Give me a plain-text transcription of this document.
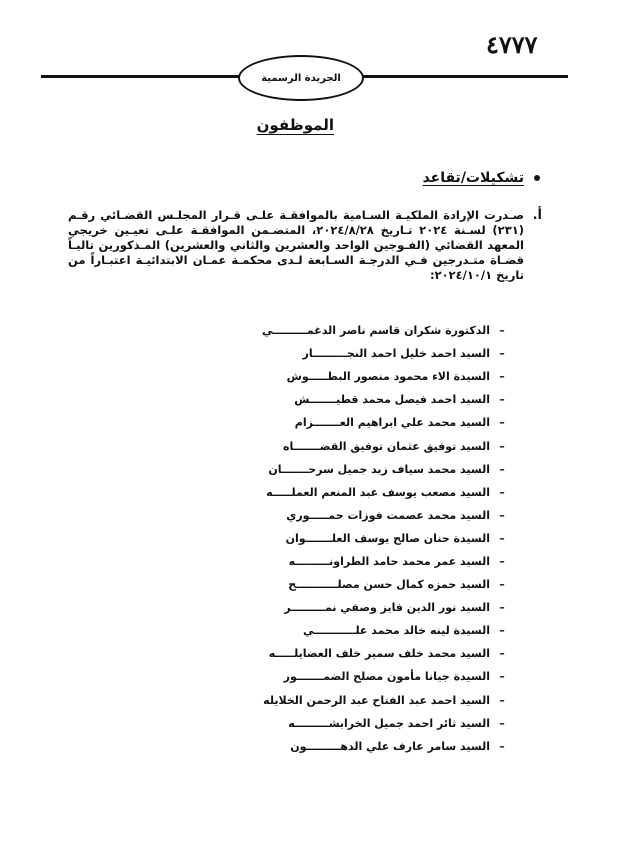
٤٧٧٧
الجريدة الرسمية
الموظفون
تشكيلات/تقاعد
أ.
صـدرت الإرادة الملكيـة السـامية بالموافقـة علـى قـرار المجلـس القضـائي رقـم (٢٣١) لسـنة ٢٠٢٤ تـاريخ ٢٠٢٤/٨/٢٨، المتضـمن الموافقـة علـى تعيـين خريجي المعهد القضائي (الفـوجين الواحد والعشرين والثاني والعشرين) المـذكورين تاليـاً قضـاة متـدرجين فـي الدرجـة السـابعة لـدى محكمـة عمـان الابتدائيـة اعتبـاراً من تاريخ ٢٠٢٤/١٠/١:
–
الدكتورة شكران قاسم ناصر الدغمـــــــــي
–
السيد احمد خليل احمد النجـــــــــار
–
السيدة الاء محمود منصور البطـــــوش
–
السيد احمد فيصل محمد قطيـــــــش
–
السيد محمد علي ابراهيم العـــــــزام
–
السيد توفيق عثمان توفيق القضـــــــاه
–
السيد محمد سياف زيد جميل سرحـــــــان
–
السيد مصعب يوسف عبد المنعم العملـــــه
–
السيد محمد عصمت فوزات حمـــــوري
–
السيدة حنان صالح يوسف العلـــــــوان
–
السيد عمر محمد حامد الطراونـــــــــه
–
السيد حمزه كمال حسن مصلـــــــــــح
–
السيد نور الدين فايز وصفي نمـــــــــر
–
السيدة لينه خالد محمد علـــــــــــي
–
السيد محمد خلف سمير خلف العضايلـــــه
–
السيدة جيانا مأمون مصلح الضمـــــــور
–
السيد احمد عبد الفتاح عبد الرحمن الخلايله
–
السيد ثائر احمد جميل الخرابشـــــــــه
–
السيد سامر عارف علي الدهـــــــــون
